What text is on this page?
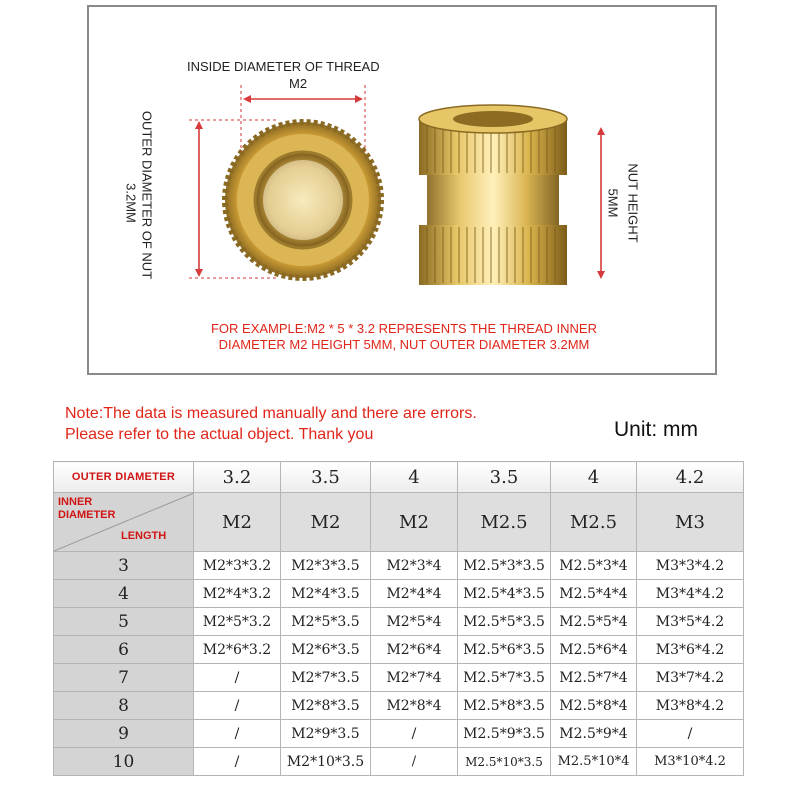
INSIDE DIAMETER OF THREAD
M2
OUTER DIAMETER OF NUT
3.2MM	NUT HEIGHT
5MM
FOR EXAMPLE:M2 * 5 * 3.2 REPRESENTS THE THREAD INNER
DIAMETER M2 HEIGHT 5MM, NUT OUTER DIAMETER 3.2MM
Note:The data is measured manually and there are errors.
Please refer to the actual object. Thank you	Unit: mm
OUTER DIAMETER	3.2	3.5	4	3.5	4	4.2

INNER DIAMETER
LENGTH	M2	M2	M2	M2.5	M2.5	M3
3	M2*3*3.2	M2*3*3.5	M2*3*4	M2.5*3*3.5	M2.5*3*4	M3*3*4.2
4	M2*4*3.2	M2*4*3.5	M2*4*4	M2.5*4*3.5	M2.5*4*4	M3*4*4.2
5	M2*5*3.2	M2*5*3.5	M2*5*4	M2.5*5*3.5	M2.5*5*4	M3*5*4.2
6	M2*6*3.2	M2*6*3.5	M2*6*4	M2.5*6*3.5	M2.5*6*4	M3*6*4.2
7	/	M2*7*3.5	M2*7*4	M2.5*7*3.5	M2.5*7*4	M3*7*4.2
8	/	M2*8*3.5	M2*8*4	M2.5*8*3.5	M2.5*8*4	M3*8*4.2
9	/	M2*9*3.5	/	M2.5*9*3.5	M2.5*9*4	/
10	/	M2*10*3.5	/	M2.5*10*3.5	M2.5*10*4	M3*10*4.2
